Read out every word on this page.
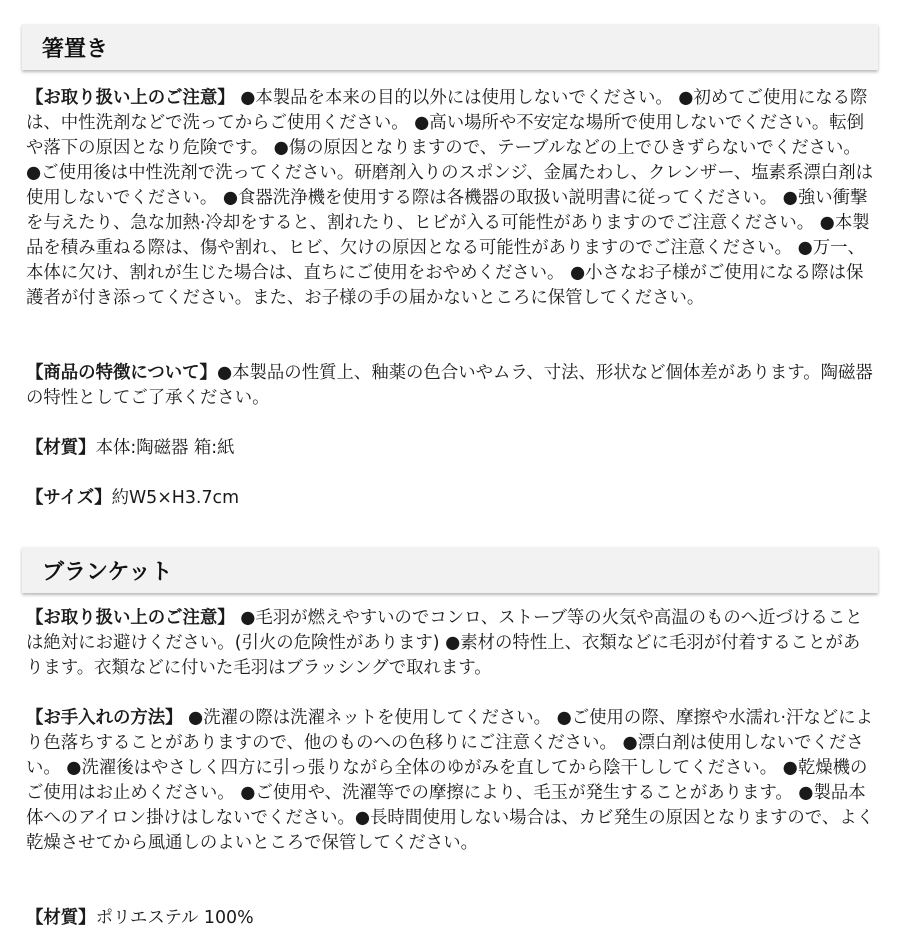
箸置き
【お取り扱い上のご注意】 ●本製品を本来の目的以外には使用しないでください。 ●初めてご使用になる際は、中性洗剤などで洗ってからご使用ください。 ●高い場所や不安定な場所で使用しないでください。転倒や落下の原因となり危険です。 ●傷の原因となりますので、テーブルなどの上でひきずらないでください。 ●ご使用後は中性洗剤で洗ってください。研磨剤入りのスポンジ、金属たわし、クレンザー、塩素系漂白剤は使用しないでください。 ●食器洗浄機を使用する際は各機器の取扱い説明書に従ってください。 ●強い衝撃を与えたり、急な加熱·冷却をすると、割れたり、ヒビが入る可能性がありますのでご注意ください。 ●本製品を積み重ねる際は、傷や割れ、ヒビ、欠けの原因となる可能性がありますのでご注意ください。 ●万一、本体に欠け、割れが生じた場合は、直ちにご使用をおやめください。 ●小さなお子様がご使用になる際は保護者が付き添ってください。また、お子様の手の届かないところに保管してください。
【商品の特徴について】●本製品の性質上、釉薬の色合いやムラ、寸法、形状など個体差があります。陶磁器の特性としてご了承ください。
【材質】本体:陶磁器 箱:紙
【サイズ】約W5×H3.7cm
ブランケット
【お取り扱い上のご注意】 ●毛羽が燃えやすいのでコンロ、ストーブ等の火気や高温のものへ近づけることは絶対にお避けください。(引火の危険性があります) ●素材の特性上、衣類などに毛羽が付着することがあります。衣類などに付いた毛羽はブラッシングで取れます。
【お手入れの方法】 ●洗濯の際は洗濯ネットを使用してください。 ●ご使用の際、摩擦や水濡れ·汗などにより色落ちすることがありますので、他のものへの色移りにご注意ください。 ●漂白剤は使用しないでください。 ●洗濯後はやさしく四方に引っ張りながら全体のゆがみを直してから陰干ししてください。 ●乾燥機のご使用はお止めください。 ●ご使用や、洗濯等での摩擦により、毛玉が発生することがあります。 ●製品本体へのアイロン掛けはしないでください。●長時間使用しない場合は、カビ発生の原因となりますので、よく乾燥させてから風通しのよいところで保管してください。
【材質】ポリエステル 100%
